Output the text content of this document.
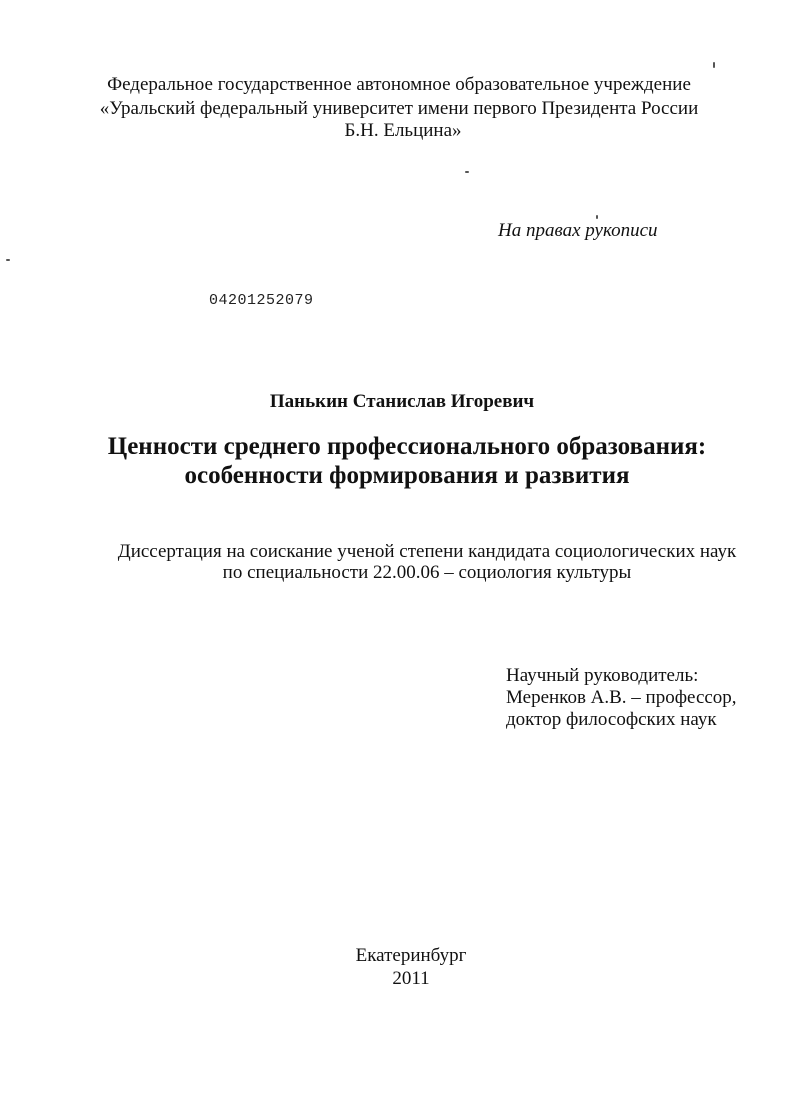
Федеральное государственное автономное образовательное учреждение
«Уральский федеральный университет имени первого Президента России
Б.Н. Ельцина»
На правах рукописи
04201252079
Панькин Станислав Игоревич
Ценности среднего профессионального образования:
особенности формирования и развития
Диссертация на соискание ученой степени кандидата социологических наук
по специальности 22.00.06 – социология культуры
Научный руководитель:
Меренков А.В. – профессор,
доктор философских наук
Екатеринбург
2011
